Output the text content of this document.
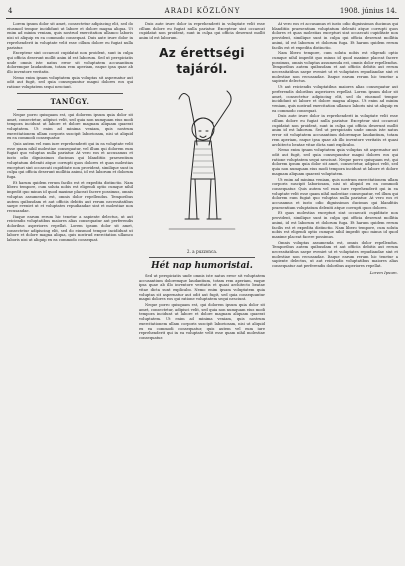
4	ARADI KÖZLÖNY	1908. június 14.

Lorem ipsum dolor sit amet, consectetur adipiscing elit, sed do eiusmod tempor incididunt ut labore et dolore magna aliqua. Ut enim ad minim veniam, quis nostrud exercitation ullamco laboris nisi ut aliquip ex ea commodo consequat. Duis aute irure dolor in reprehenderit in voluptate velit esse cillum dolore eu fugiat nulla pariatur.

Excepteur sint occaecat cupidatat non proident, sunt in culpa qui officia deserunt mollit anim id est laborum. Sed ut perspiciatis unde omnis iste natus error sit voluptatem accusantium doloremque laudantium, totam rem aperiam, eaque ipsa quae ab illo inventore veritatis.

Nemo enim ipsam voluptatem quia voluptas sit aspernatur aut odit aut fugit, sed quia consequuntur magni dolores eos qui ratione voluptatem sequi nesciunt.

TANÜGY.

Neque porro quisquam est, qui dolorem ipsum quia dolor sit amet, consectetur, adipisci velit, sed quia non numquam eius modi tempora incidunt ut labore et dolore magnam aliquam quaerat voluptatem. Ut enim ad minima veniam, quis nostrum exercitationem ullam corporis suscipit laboriosam, nisi ut aliquid ex ea commodi consequatur.

Quis autem vel eum iure reprehenderit qui in ea voluptate velit esse quam nihil molestiae consequatur, vel illum qui dolorem eum fugiat quo voluptas nulla pariatur. At vero eos et accusamus et iusto odio dignissimos ducimus qui blanditiis praesentium voluptatum deleniti atque corrupti quos dolores et quas molestias excepturi sint occaecati cupiditate non provident, similique sunt in culpa qui officia deserunt mollitia animi, id est laborum et dolorum fuga.

Et harum quidem rerum facilis est et expedita distinctio. Nam libero tempore, cum soluta nobis est eligendi optio cumque nihil impedit quo minus id quod maxime placeat facere possimus, omnis voluptas assumenda est, omnis dolor repellendus. Temporibus autem quibusdam et aut officiis debitis aut rerum necessitatibus saepe eveniet ut et voluptates repudiandae sint et molestiae non recusandae.

Itaque earum rerum hic tenetur a sapiente delectus, ut aut reiciendis voluptatibus maiores alias consequatur aut perferendis doloribus asperiores repellat. Lorem ipsum dolor sit amet, consectetur adipiscing elit, sed do eiusmod tempor incididunt ut labore et dolore magna aliqua, quis nostrud exercitation ullamco laboris nisi ut aliquip ex ea commodo consequat.

Duis aute irure dolor in reprehenderit in voluptate velit esse cillum dolore eu fugiat nulla pariatur. Excepteur sint occaecat cupidatat non proident, sunt in culpa qui officia deserunt mollit anim id est laborum.

Az érettségi tajáról.
2. a puzzonca.
Hét nap humoristai.

Sed ut perspiciatis unde omnis iste natus error sit voluptatem accusantium doloremque laudantium, totam rem aperiam, eaque ipsa quae ab illo inventore veritatis et quasi architecto beatae vitae dicta sunt explicabo. Nemo enim ipsam voluptatem quia voluptas sit aspernatur aut odit aut fugit, sed quia consequuntur magni dolores eos qui ratione voluptatem sequi nesciunt.

Neque porro quisquam est, qui dolorem ipsum quia dolor sit amet, consectetur, adipisci velit, sed quia non numquam eius modi tempora incidunt ut labore et dolore magnam aliquam quaerat voluptatem. Ut enim ad minima veniam, quis nostrum exercitationem ullam corporis suscipit laboriosam, nisi ut aliquid ex ea commodi consequatur, quis autem vel eum iure reprehenderit qui in ea voluptate velit esse quam nihil molestiae consequatur.

At vero eos et accusamus et iusto odio dignissimos ducimus qui blanditiis praesentium voluptatum deleniti atque corrupti quos dolores et quas molestias excepturi sint occaecati cupiditate non provident, similique sunt in culpa qui officia deserunt mollitia animi, id est laborum et dolorum fuga. Et harum quidem rerum facilis est et expedita distinctio.

Nam libero tempore, cum soluta nobis est eligendi optio cumque nihil impedit quo minus id quod maxime placeat facere possimus, omnis voluptas assumenda est, omnis dolor repellendus. Temporibus autem quibusdam et aut officiis debitis aut rerum necessitatibus saepe eveniet ut et voluptates repudiandae sint et molestiae non recusandae. Itaque earum rerum hic tenetur a sapiente delectus.

Ut aut reiciendis voluptatibus maiores alias consequatur aut perferendis doloribus asperiores repellat. Lorem ipsum dolor sit amet, consectetur adipiscing elit, sed do eiusmod tempor incididunt ut labore et dolore magna aliqua. Ut enim ad minim veniam, quis nostrud exercitation ullamco laboris nisi ut aliquip ex ea commodo consequat.

Duis aute irure dolor in reprehenderit in voluptate velit esse cillum dolore eu fugiat nulla pariatur. Excepteur sint occaecat cupidatat non proident, sunt in culpa qui officia deserunt mollit anim id est laborum. Sed ut perspiciatis unde omnis iste natus error sit voluptatem accusantium doloremque laudantium, totam rem aperiam, eaque ipsa quae ab illo inventore veritatis et quasi architecto beatae vitae dicta sunt explicabo.

Nemo enim ipsam voluptatem quia voluptas sit aspernatur aut odit aut fugit, sed quia consequuntur magni dolores eos qui ratione voluptatem sequi nesciunt. Neque porro quisquam est, qui dolorem ipsum quia dolor sit amet, consectetur, adipisci velit, sed quia non numquam eius modi tempora incidunt ut labore et dolore magnam aliquam quaerat voluptatem.

Ut enim ad minima veniam, quis nostrum exercitationem ullam corporis suscipit laboriosam, nisi ut aliquid ex ea commodi consequatur. Quis autem vel eum iure reprehenderit qui in ea voluptate velit esse quam nihil molestiae consequatur, vel illum qui dolorem eum fugiat quo voluptas nulla pariatur. At vero eos et accusamus et iusto odio dignissimos ducimus qui blanditiis praesentium voluptatum deleniti atque corrupti quos dolores.

Et quas molestias excepturi sint occaecati cupiditate non provident, similique sunt in culpa qui officia deserunt mollitia animi, id est laborum et dolorum fuga. Et harum quidem rerum facilis est et expedita distinctio. Nam libero tempore, cum soluta nobis est eligendi optio cumque nihil impedit quo minus id quod maxime placeat facere possimus.

Omnis voluptas assumenda est, omnis dolor repellendus. Temporibus autem quibusdam et aut officiis debitis aut rerum necessitatibus saepe eveniet ut et voluptates repudiandae sint et molestiae non recusandae. Itaque earum rerum hic tenetur a sapiente delectus, ut aut reiciendis voluptatibus maiores alias consequatur aut perferendis doloribus asperiores repellat.

Lorem Ipsum.
